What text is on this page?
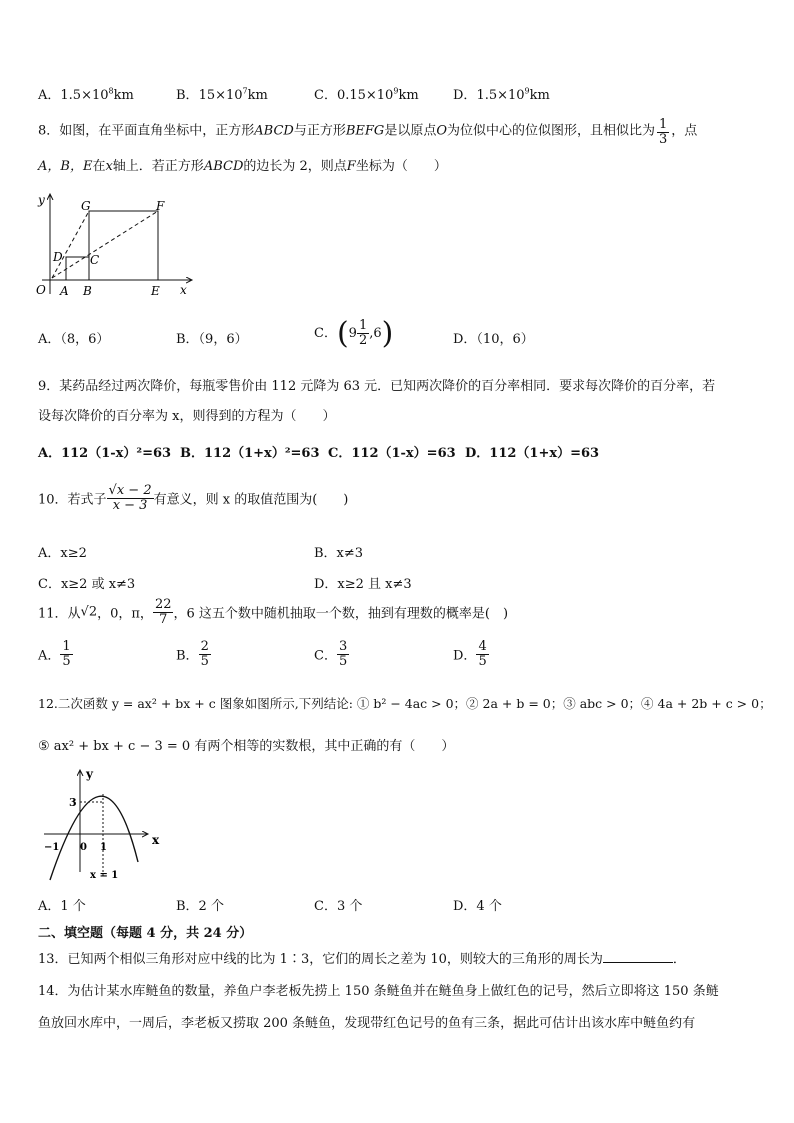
A．$1.5\times 10^8km$	B．$15\times 10^7km$	C．$0.15\times 10^9km$	D．$1.5\times 10^9km$
8．如图，在平面直角坐标中，正方形ABCD与正方形BEFG是以原点O为位似中心的位似图形，且相似比为 $\frac{1}{3}$ ，点
A，B，E在x轴上．若正方形ABCD的边长为 2，则点F坐标为（　　）
y
x
O A B	E
D C
G	F
A．（8，6）	B．（9，6）	C．$(9 \frac{1}{2} ,6)$	D．（10，6）
9．某药品经过两次降价，每瓶零售价由 112 元降为 63 元．已知两次降价的百分率相同．要求每次降价的百分率，若
设每次降价的百分率为 x，则得到的方程为（　　）
A．112（1-x）²=63 B．112（1+x）²=63 C．112（1-x）=63 D．112（1+x）=63
10．若式子 $\frac{√x - 2}{x - 3}$ 有意义，则 x 的取值范围为(　　)
A．x≥2	B．x≠3
C．x≥2 或 x≠3	D．x≥2 且 x≠3
11．从√2，0，π， $\frac{22}{7}$ ，6 这五个数中随机抽取一个数，抽到有理数的概率是(　)
A． $\frac{1}{5}$	B． $\frac{2}{5}$	C． $\frac{3}{5}$	D． $\frac{4}{5}$
12.二次函数 y = ax² + bx + c 图象如图所示,下列结论: ① b² − 4ac > 0；② 2a + b = 0；③ abc > 0；④ 4a + 2b + c > 0；
⑤ ax² + bx + c − 3 = 0 有两个相等的实数根，其中正确的有（　　）
y
x
3
−1 0 1
x = 1
A．1 个	B．2 个	C．3 个	D．4 个
二、填空题（每题 4 分，共 24 分）
13．已知两个相似三角形对应中线的比为 1∶3，它们的周长之差为 10，则较大的三角形的周长为	．
14．为估计某水库鲢鱼的数量，养鱼户李老板先捞上 150 条鲢鱼并在鲢鱼身上做红色的记号，然后立即将这 150 条鲢
鱼放回水库中，一周后，李老板又捞取 200 条鲢鱼，发现带红色记号的鱼有三条，据此可估计出该水库中鲢鱼约有
